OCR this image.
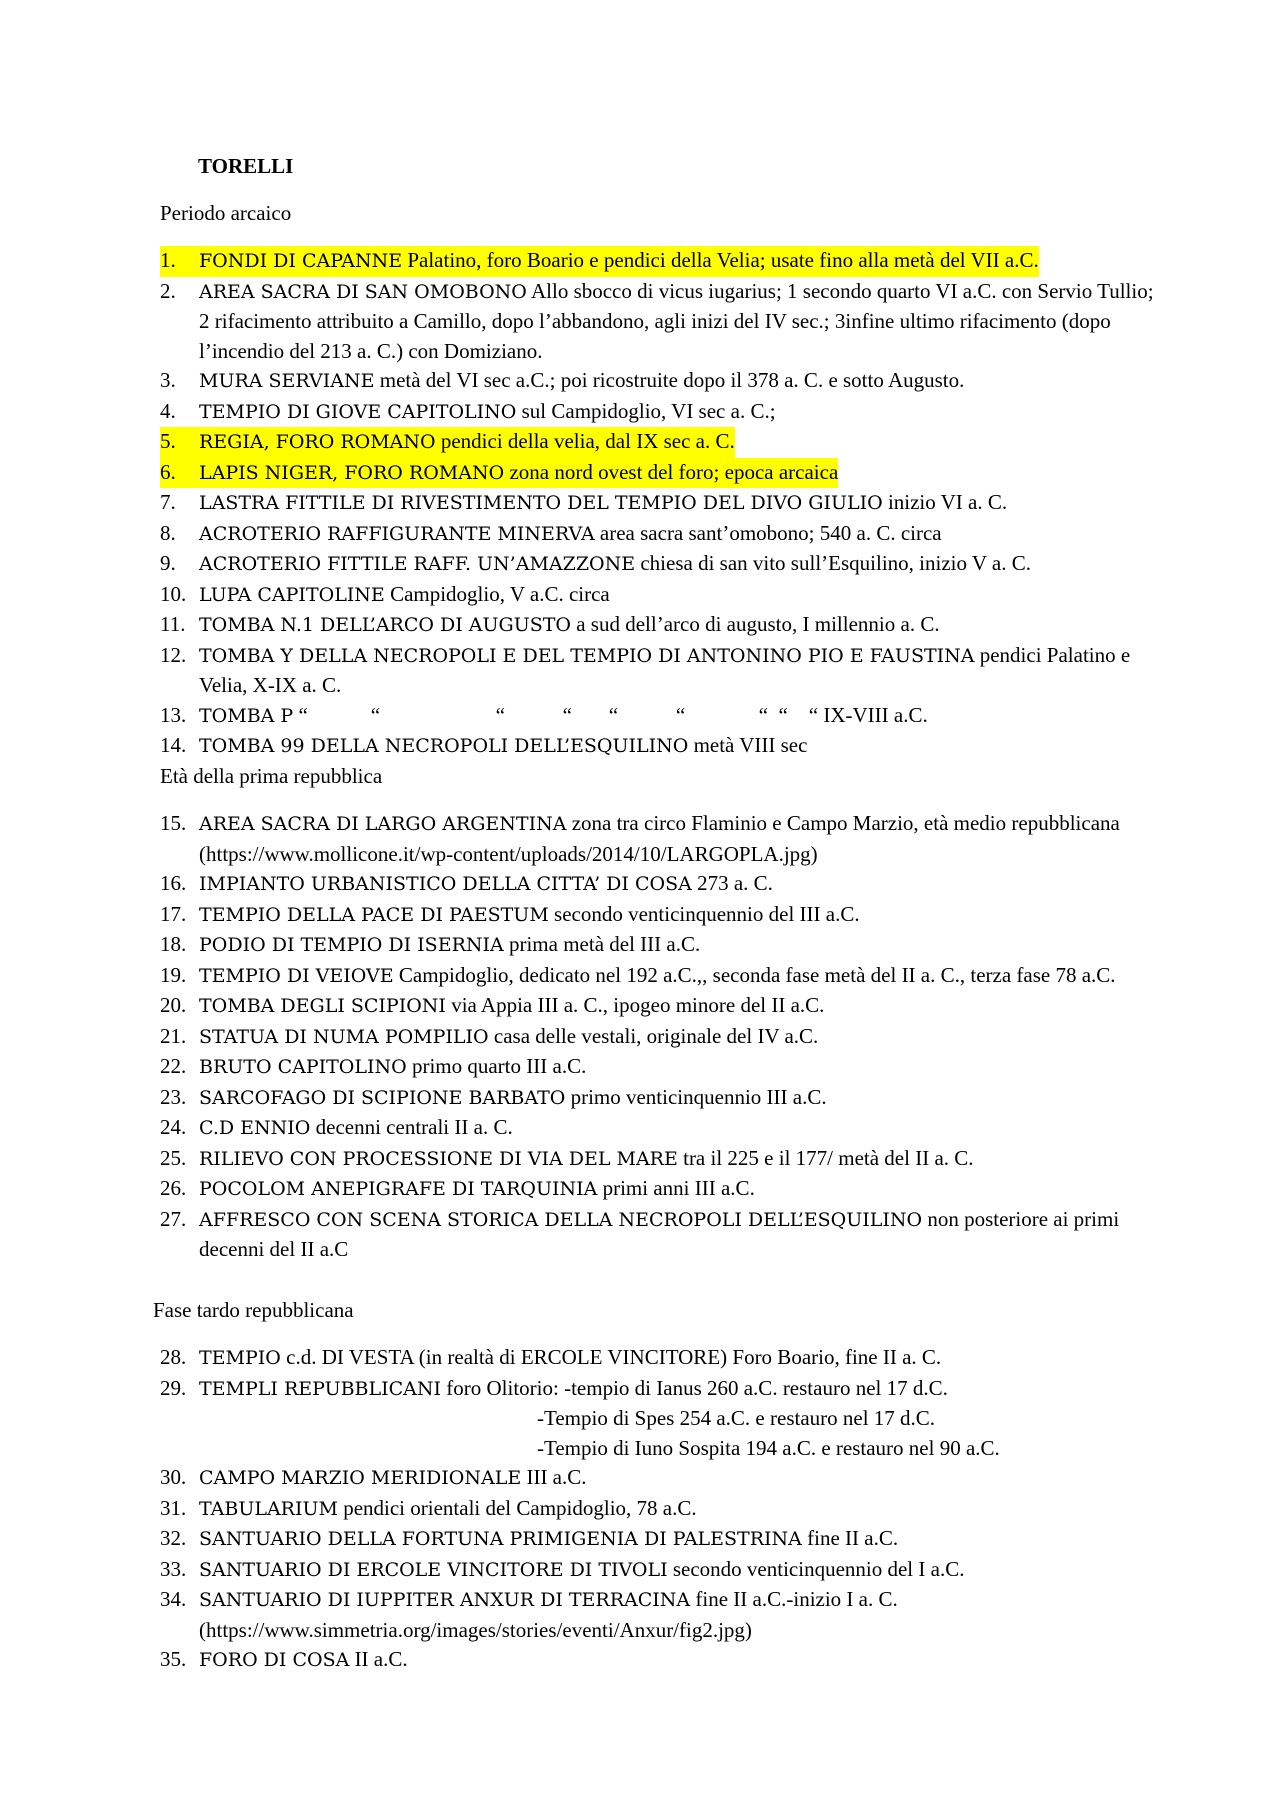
TORELLI

Periodo arcaico

1.	FONDI DI CAPANNE Palatino, foro Boario e pendici della Velia; usate fino alla metà del VII a.C.
2.	AREA SACRA DI SAN OMOBONO Allo sbocco di vicus iugarius; 1 secondo quarto VI a.C. con Servio Tullio; 2 rifacimento attribuito a Camillo, dopo l’abbandono, agli inizi del IV sec.; 3infine ultimo rifacimento (dopo l’incendio del 213 a. C.) con Domiziano.
3.	MURA SERVIANE metà del VI sec a.C.; poi ricostruite dopo il 378 a. C. e sotto Augusto.
4.	TEMPIO DI GIOVE CAPITOLINO sul Campidoglio, VI sec a. C.;
5.	REGIA, FORO ROMANO pendici della velia, dal IX sec a. C.
6.	LAPIS NIGER, FORO ROMANO zona nord ovest del foro; epoca arcaica
7.	LASTRA FITTILE DI RIVESTIMENTO DEL TEMPIO DEL DIVO GIULIO inizio VI a. C.
8.	ACROTERIO RAFFIGURANTE MINERVA area sacra sant’omobono; 540 a. C. circa
9.	ACROTERIO FITTILE RAFF. UN’AMAZZONE chiesa di san vito sull’Esquilino, inizio V a. C.
10. LUPA CAPITOLINE Campidoglio, V a.C. circa
11. TOMBA N.1 DELL’ARCO DI AUGUSTO a sud dell’arco di augusto, I millennio a. C.
12. TOMBA Y DELLA NECROPOLI E DEL TEMPIO DI ANTONINO PIO E FAUSTINA pendici Palatino e Velia, X-IX a. C.
13. TOMBA P “            “                      “           “       “           “              “  “    “ IX-VIII a.C.
14. TOMBA 99 DELLA NECROPOLI DELL’ESQUILINO metà VIII sec

Età della prima repubblica

15. AREA SACRA DI LARGO ARGENTINA zona tra circo Flaminio e Campo Marzio, età medio repubblicana (https://www.mollicone.it/wp-content/uploads/2014/10/LARGOPLA.jpg)
16. IMPIANTO URBANISTICO DELLA CITTA’ DI COSA 273 a. C.
17. TEMPIO DELLA PACE DI PAESTUM secondo venticinquennio del III a.C.
18. PODIO DI TEMPIO DI ISERNIA prima metà del III a.C.
19. TEMPIO DI VEIOVE Campidoglio, dedicato nel 192 a.C.,, seconda fase metà del II a. C., terza fase 78 a.C.
20. TOMBA DEGLI SCIPIONI via Appia III a. C., ipogeo minore del II a.C.
21. STATUA DI NUMA POMPILIO casa delle vestali, originale del IV a.C.
22. BRUTO CAPITOLINO primo quarto III a.C.
23. SARCOFAGO DI SCIPIONE BARBATO primo venticinquennio III a.C.
24. C.D ENNIO decenni centrali II a. C.
25. RILIEVO CON PROCESSIONE DI VIA DEL MARE tra il 225 e il 177/ metà del II a. C.
26. POCOLOM ANEPIGRAFE DI TARQUINIA primi anni III a.C.
27. AFFRESCO CON SCENA STORICA DELLA NECROPOLI DELL’ESQUILINO non posteriore ai primi decenni del II a.C

Fase tardo repubblicana

28. TEMPIO c.d. DI VESTA (in realtà di ERCOLE VINCITORE) Foro Boario, fine II a. C.
29. TEMPLI REPUBBLICANI foro Olitorio: -tempio di Ianus 260 a.C. restauro nel 17 d.C.
-Tempio di Spes 254 a.C. e restauro nel 17 d.C.
-Tempio di Iuno Sospita 194 a.C. e restauro nel 90 a.C.
30. CAMPO MARZIO MERIDIONALE III a.C.
31. TABULARIUM pendici orientali del Campidoglio, 78 a.C.
32. SANTUARIO DELLA FORTUNA PRIMIGENIA DI PALESTRINA fine II a.C.
33. SANTUARIO DI ERCOLE VINCITORE DI TIVOLI secondo venticinquennio del I a.C.
34. SANTUARIO DI IUPPITER ANXUR DI TERRACINA fine II a.C.-inizio I a. C. (https://www.simmetria.org/images/stories/eventi/Anxur/fig2.jpg)
35. FORO DI COSA II a.C.
